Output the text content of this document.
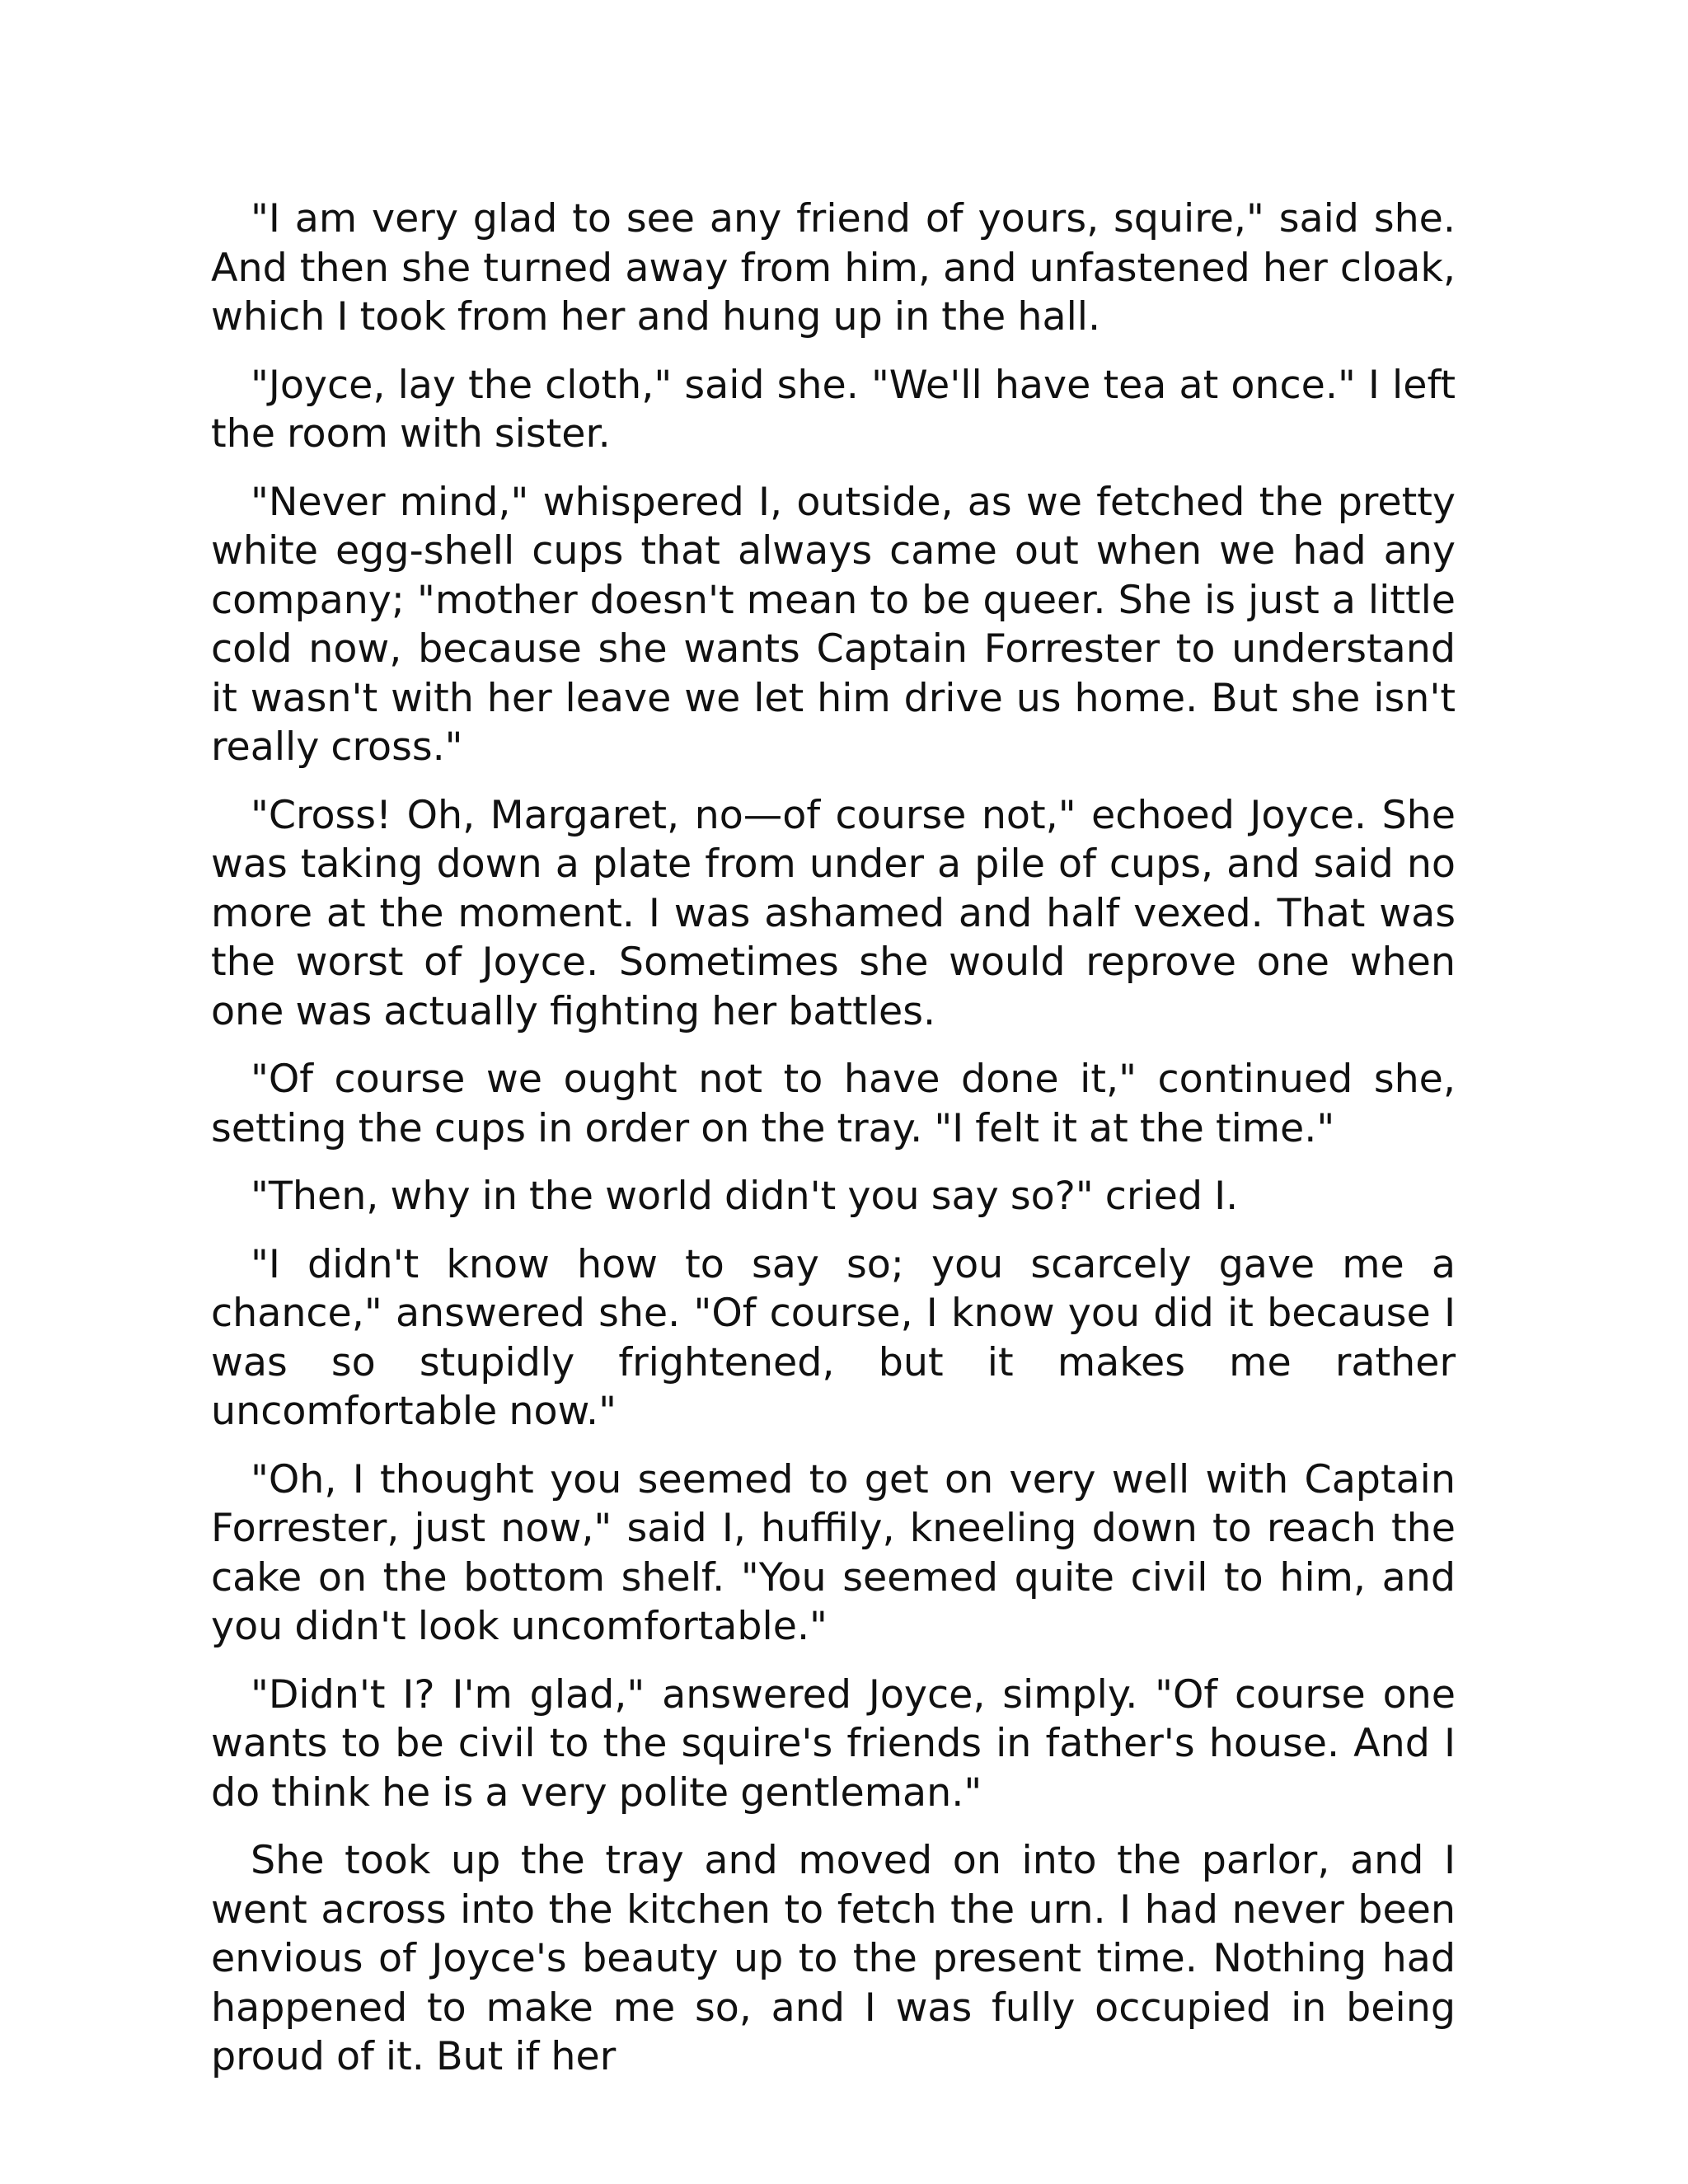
"I am very glad to see any friend of yours, squire," said she. And then she turned away from him, and unfastened her cloak, which I took from her and hung up in the hall.

"Joyce, lay the cloth," said she. "We'll have tea at once." I left the room with sister.

"Never mind," whispered I, outside, as we fetched the pretty white egg-shell cups that always came out when we had any company; "mother doesn't mean to be queer. She is just a little cold now, because she wants Captain Forrester to understand it wasn't with her leave we let him drive us home. But she isn't really cross."

"Cross! Oh, Margaret, no—of course not," echoed Joyce. She was taking down a plate from under a pile of cups, and said no more at the moment. I was ashamed and half vexed. That was the worst of Joyce. Sometimes she would reprove one when one was actually fighting her battles.

"Of course we ought not to have done it," continued she, setting the cups in order on the tray. "I felt it at the time."

"Then, why in the world didn't you say so?" cried I.

"I didn't know how to say so; you scarcely gave me a chance," answered she. "Of course, I know you did it because I was so stupidly frightened, but it makes me rather uncomfortable now."

"Oh, I thought you seemed to get on very well with Captain Forrester, just now," said I, huffily, kneeling down to reach the cake on the bottom shelf. "You seemed quite civil to him, and you didn't look uncomfortable."

"Didn't I? I'm glad," answered Joyce, simply. "Of course one wants to be civil to the squire's friends in father's house. And I do think he is a very polite gentleman."

She took up the tray and moved on into the parlor, and I went across into the kitchen to fetch the urn. I had never been envious of Joyce's beauty up to the present time. Nothing had happened to make me so, and I was fully occupied in being proud of it. But if her
